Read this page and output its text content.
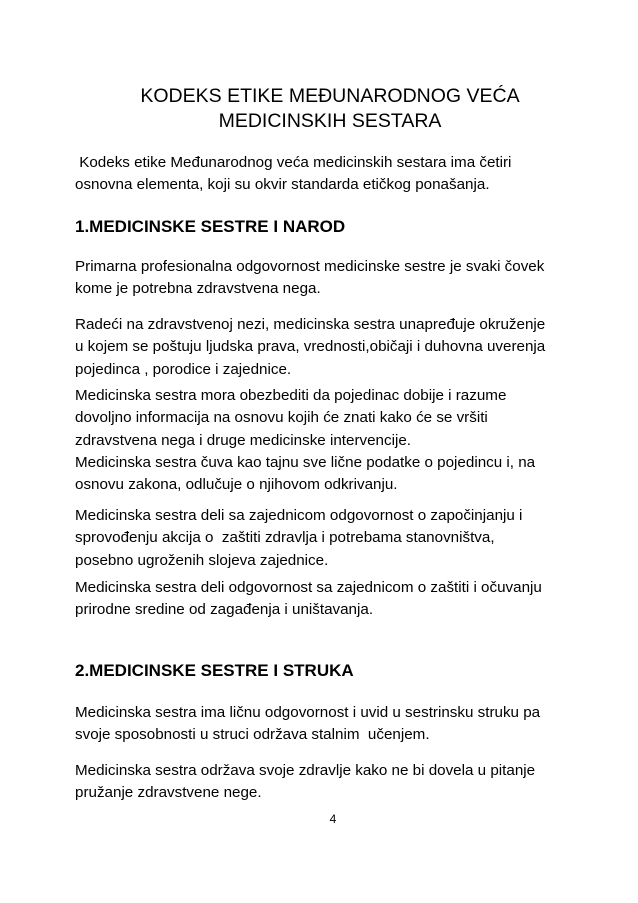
KODEKS ETIKE MEĐUNARODNOG VEĆA
MEDICINSKIH SESTARA

Kodeks etike Međunarodnog veća medicinskih sestara ima četiri
osnovna elementa, koji su okvir standarda etičkog ponašanja.

1.MEDICINSKE SESTRE I NAROD

Primarna profesionalna odgovornost medicinske sestre je svaki čovek
kome je potrebna zdravstvena nega.

Radeći na zdravstvenoj nezi, medicinska sestra unapređuje okruženje
u kojem se poštuju ljudska prava, vrednosti,običaji i duhovna uverenja
pojedinca , porodice i zajednice.

Medicinska sestra mora obezbediti da pojedinac dobije i razume
dovoljno informacija na osnovu kojih će znati kako će se vršiti
zdravstvena nega i druge medicinske intervencije.
Medicinska sestra čuva kao tajnu sve lične podatke o pojedincu i, na
osnovu zakona, odlučuje o njihovom odkrivanju.

Medicinska sestra deli sa zajednicom odgovornost o započinjanju i
sprovođenju akcija o  zaštiti zdravlja i potrebama stanovništva,
posebno ugroženih slojeva zajednice.

Medicinska sestra deli odgovornost sa zajednicom o zaštiti i očuvanju
prirodne sredine od zagađenja i uništavanja.

2.MEDICINSKE SESTRE I STRUKA

Medicinska sestra ima ličnu odgovornost i uvid u sestrinsku struku pa
svoje sposobnosti u struci održava stalnim  učenjem.

Medicinska sestra održava svoje zdravlje kako ne bi dovela u pitanje
pružanje zdravstvene nege.

4
